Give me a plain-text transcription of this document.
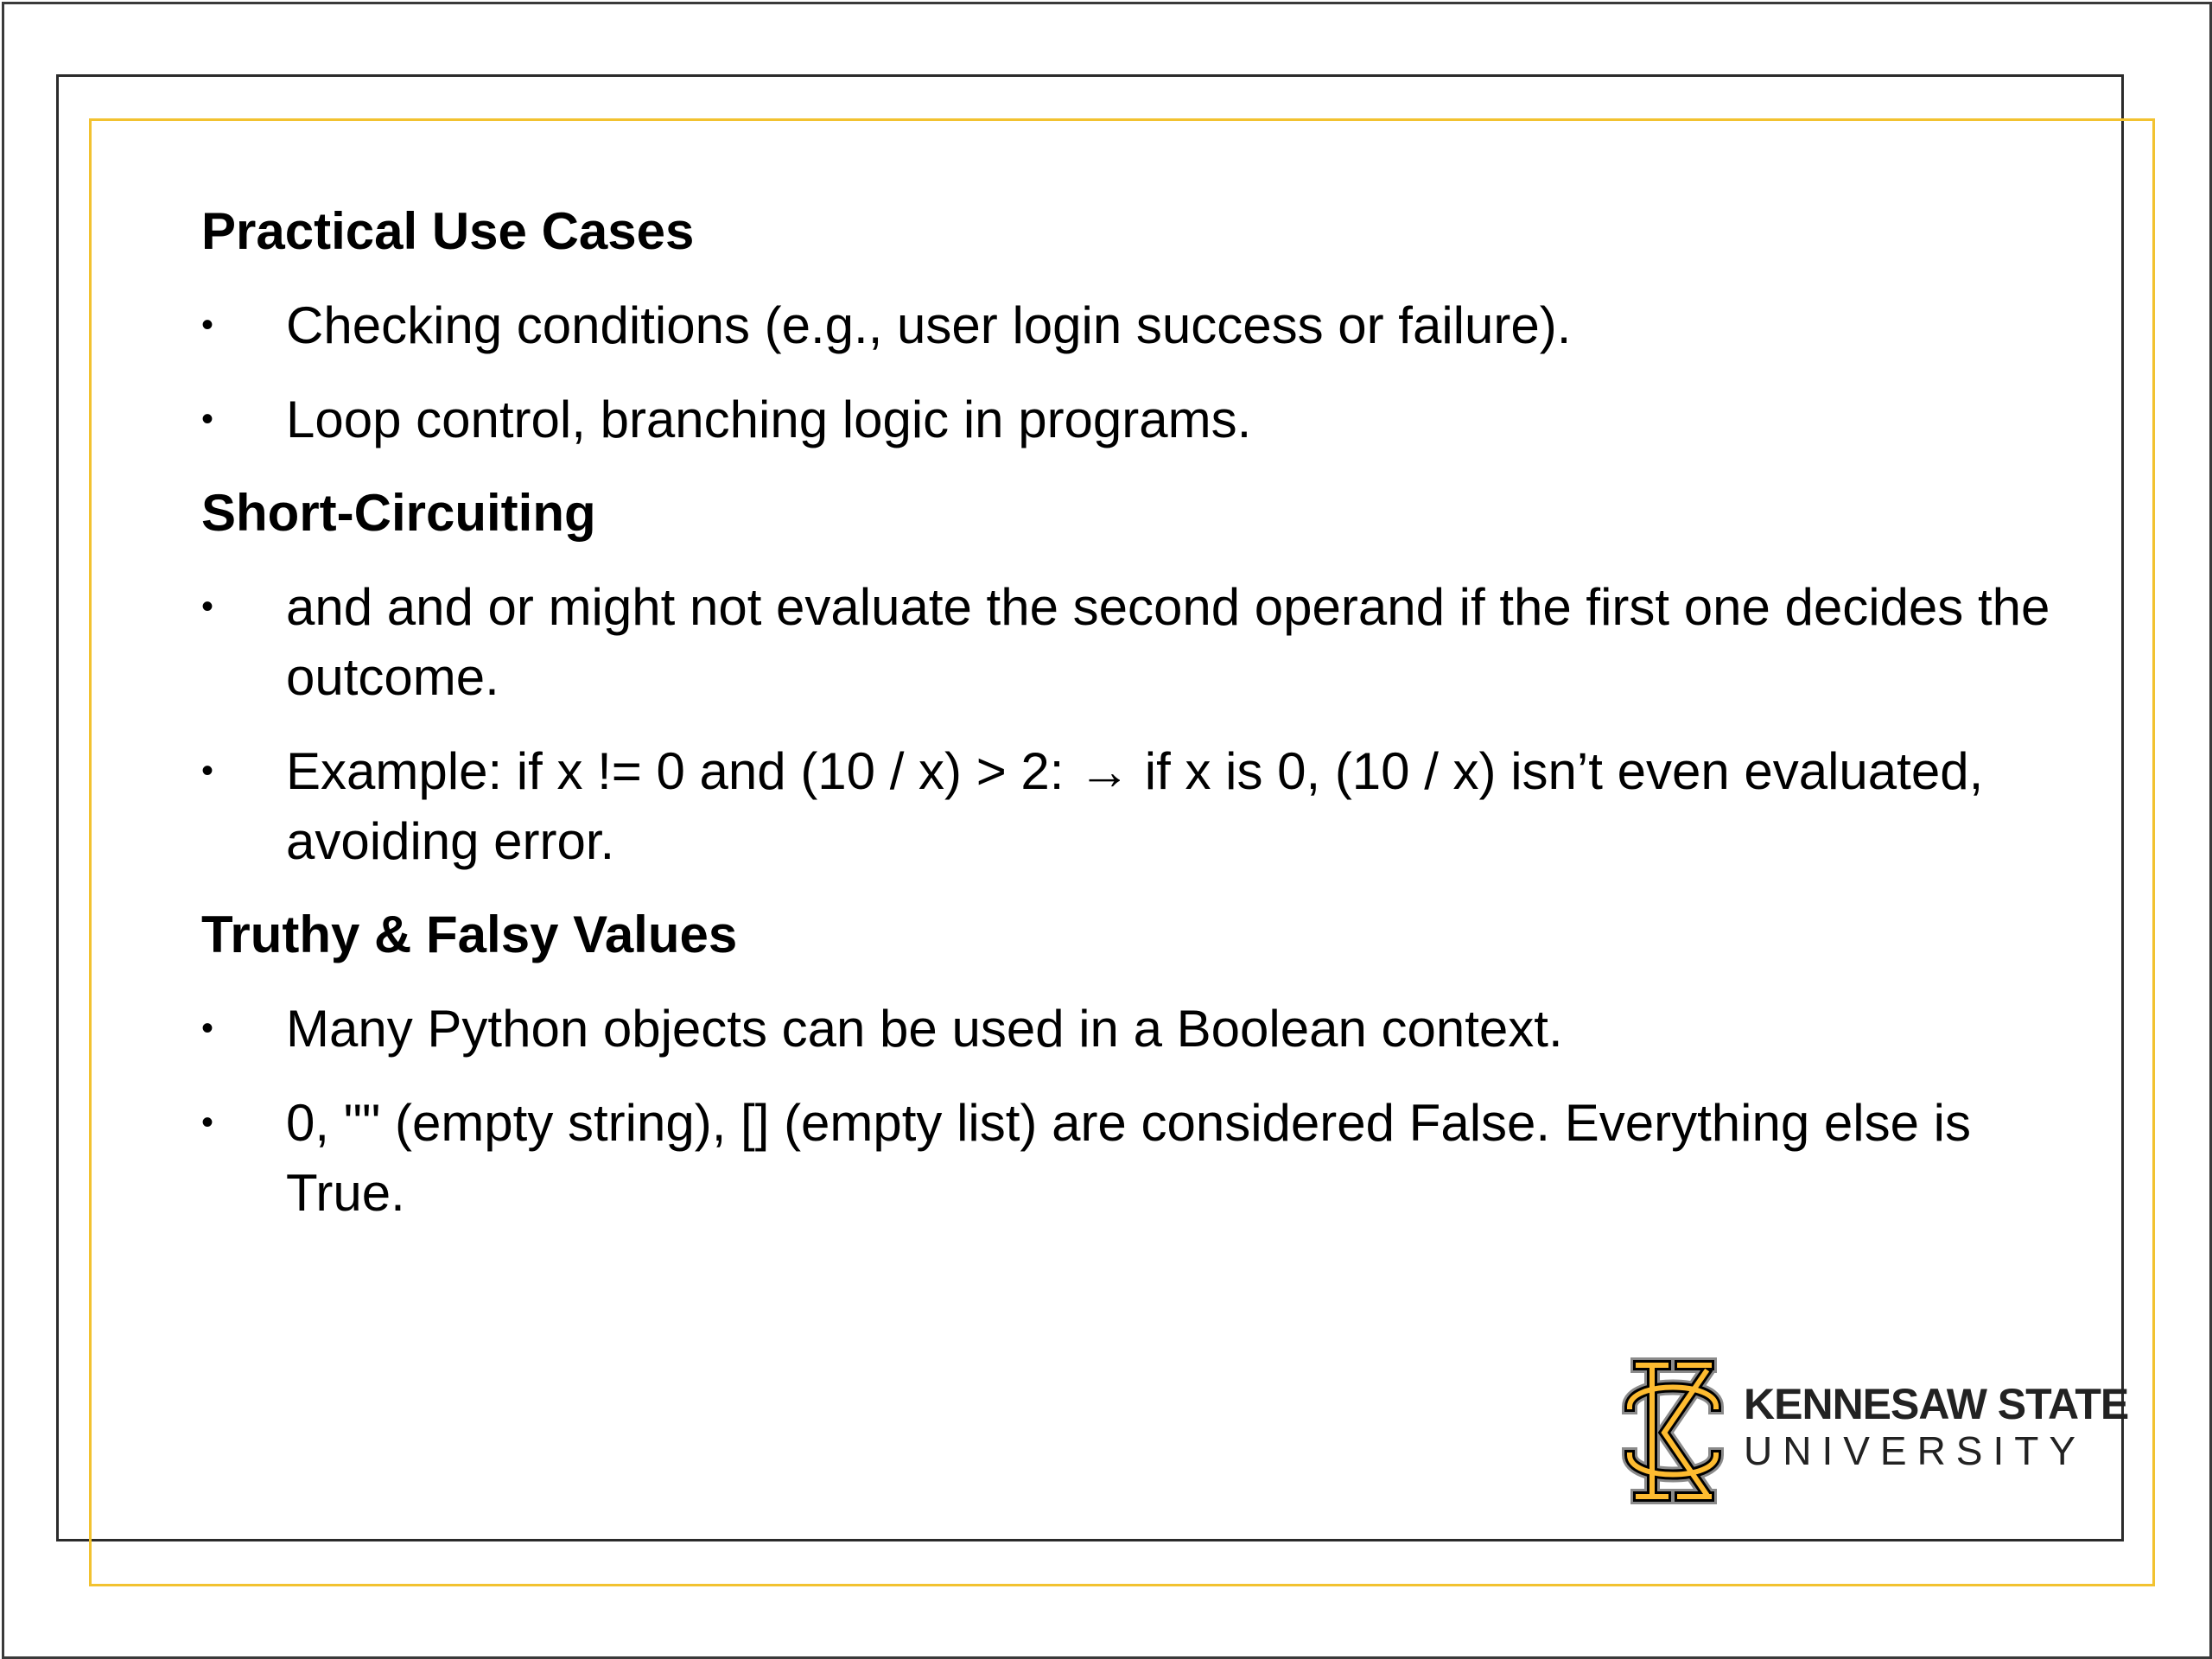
Practical Use Cases
• Checking conditions (e.g., user login success or failure).
• Loop control, branching logic in programs.
Short-Circuiting
• and and or might not evaluate the second operand if the first one decides the outcome.
• Example: if x != 0 and (10 / x) > 2: → if x is 0, (10 / x) isn’t even evaluated, avoiding error.
Truthy & Falsy Values
• Many Python objects can be used in a Boolean context.
• 0, "" (empty string), [] (empty list) are considered False. Everything else is True.
KENNESAW STATE
UNIVERSITY
